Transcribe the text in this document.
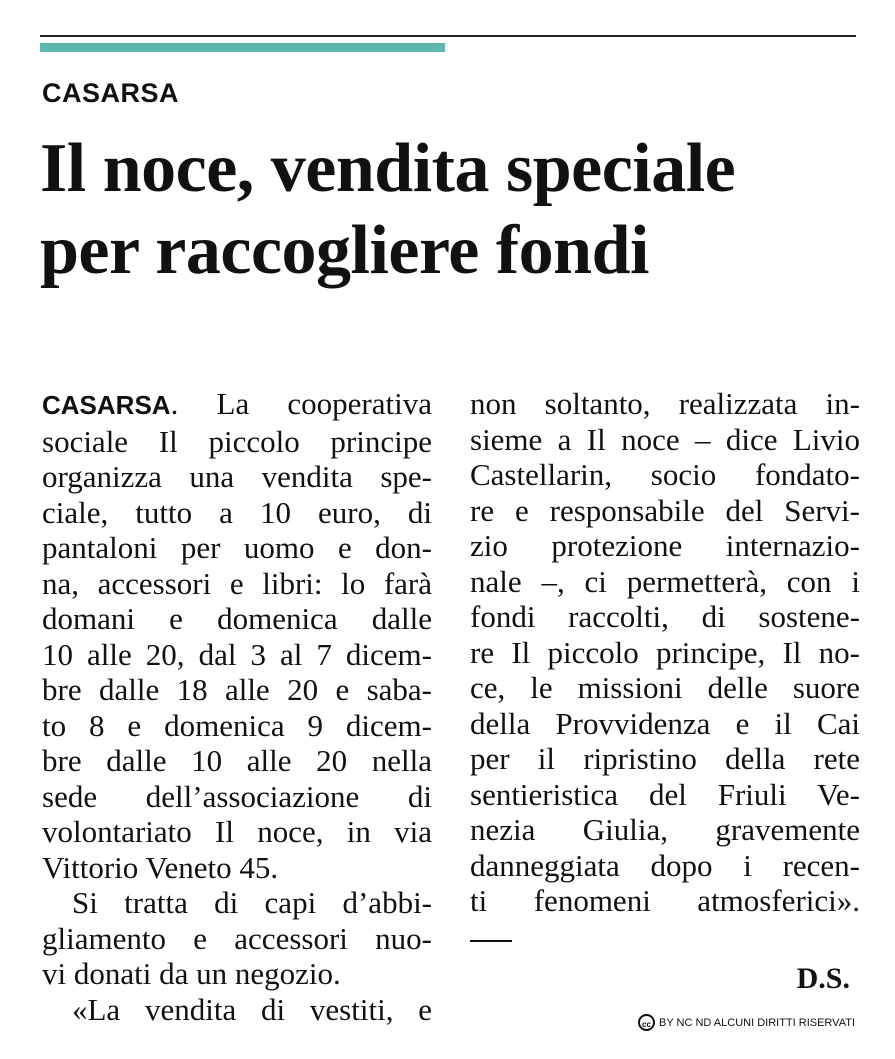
CASARSA
Il noce, vendita speciale
per raccogliere fondi
CASARSA. La cooperativa
sociale Il piccolo principe
organizza una vendita spe-
ciale, tutto a 10 euro, di
pantaloni per uomo e don-
na, accessori e libri: lo farà
domani e domenica dalle
10 alle 20, dal 3 al 7 dicem-
bre dalle 18 alle 20 e saba-
to 8 e domenica 9 dicem-
bre dalle 10 alle 20 nella
sede dell’associazione di
volontariato Il noce, in via
Vittorio Veneto 45.
Si tratta di capi d’abbi-
gliamento e accessori nuo-
vi donati da un negozio.
«La vendita di vestiti, e
non soltanto, realizzata in-
sieme a Il noce – dice Livio
Castellarin, socio fondato-
re e responsabile del Servi-
zio protezione internazio-
nale –, ci permetterà, con i
fondi raccolti, di sostene-
re Il piccolo principe, Il no-
ce, le missioni delle suore
della Provvidenza e il Cai
per il ripristino della rete
sentieristica del Friuli Ve-
nezia Giulia, gravemente
danneggiata dopo i recen-
ti fenomeni atmosferici».
D.S.
cc BY NC ND ALCUNI DIRITTI RISERVATI
